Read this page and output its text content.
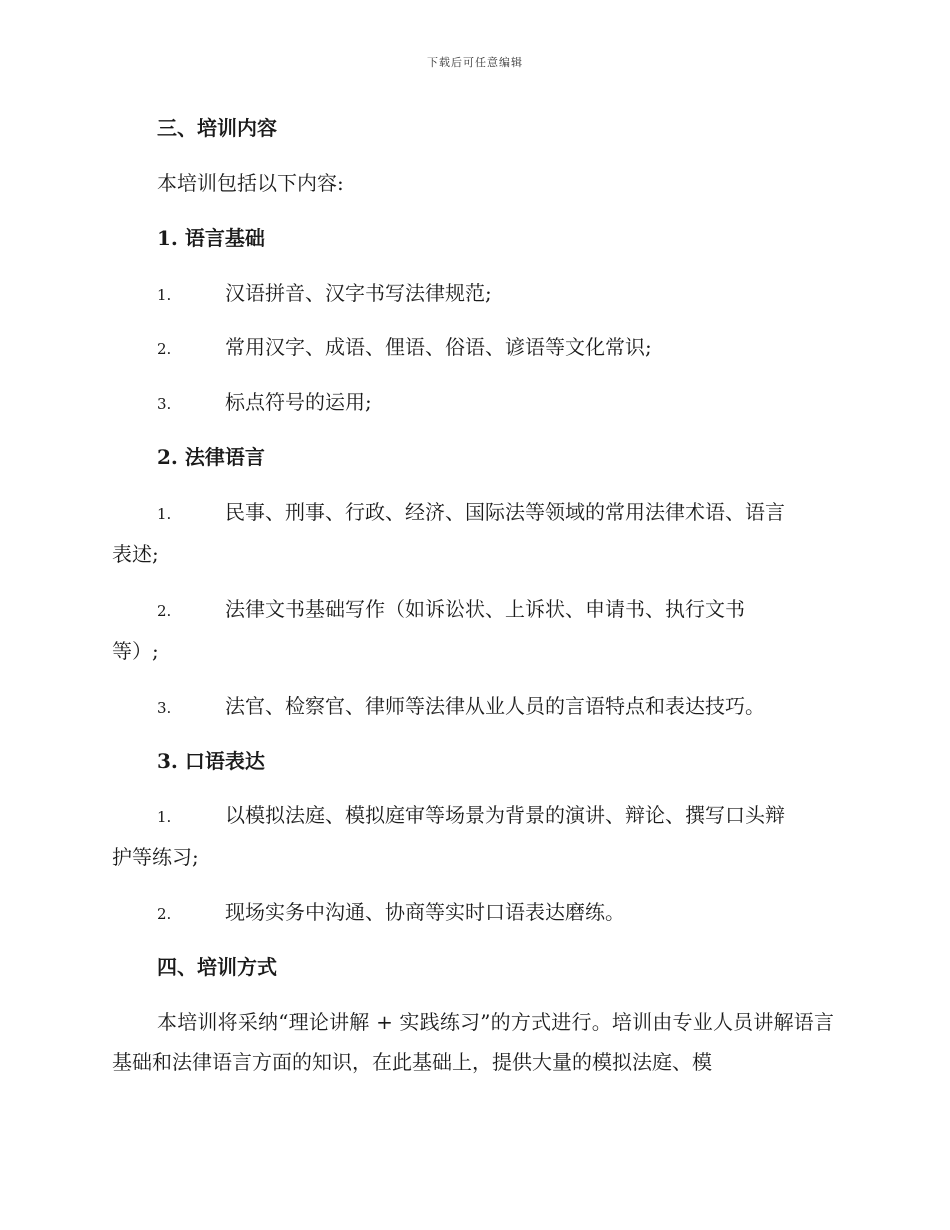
下载后可任意编辑
三、培训内容
本培训包括以下内容:
1. 语言基础
1.	汉语拼音、汉字书写法律规范;
2.	常用汉字、成语、俚语、俗语、谚语等文化常识;
3.	标点符号的运用;
2. 法律语言
1.	民事、刑事、行政、经济、国际法等领域的常用法律术语、语言
表述;
2.	法律文书基础写作（如诉讼状、上诉状、申请书、执行文书
等）;
3.	法官、检察官、律师等法律从业人员的言语特点和表达技巧。
3. 口语表达
1.	以模拟法庭、模拟庭审等场景为背景的演讲、辩论、撰写口头辩
护等练习;
2.	现场实务中沟通、协商等实时口语表达磨练。
四、培训方式
本培训将采纳“理论讲解 + 实践练习”的方式进行。培训由专业人员讲解语言基础和法律语言方面的知识，在此基础上，提供大量的模拟法庭、模
